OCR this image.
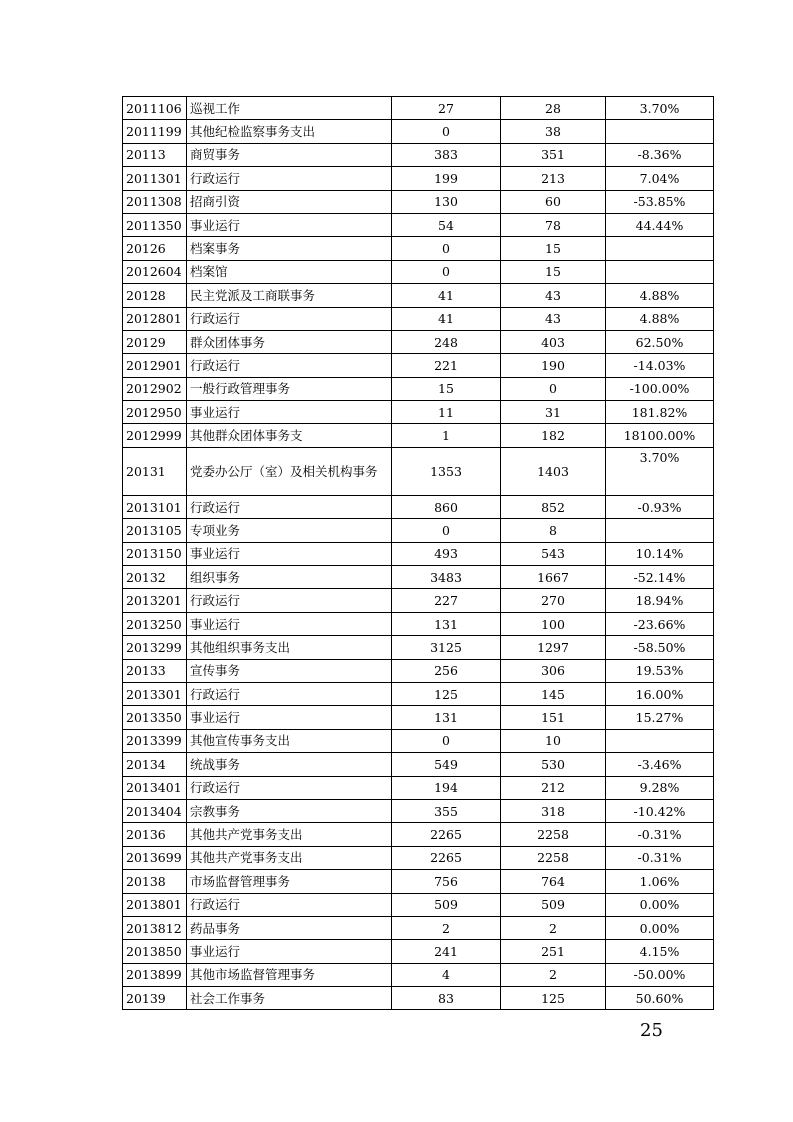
2011106	巡视工作	27	28	3.70%
2011199	其他纪检监察事务支出	0	38	
20113	商贸事务	383	351	-8.36%
2011301	行政运行	199	213	7.04%
2011308	招商引资	130	60	-53.85%
2011350	事业运行	54	78	44.44%
20126	档案事务	0	15	
2012604	档案馆	0	15	
20128	民主党派及工商联事务	41	43	4.88%
2012801	行政运行	41	43	4.88%
20129	群众团体事务	248	403	62.50%
2012901	行政运行	221	190	-14.03%
2012902	一般行政管理事务	15	0	-100.00%
2012950	事业运行	11	31	181.82%
2012999	其他群众团体事务支	1	182	18100.00%
20131	党委办公厅（室）及相关机构事务	1353	1403	3.70%
2013101	行政运行	860	852	-0.93%
2013105	专项业务	0	8	
2013150	事业运行	493	543	10.14%
20132	组织事务	3483	1667	-52.14%
2013201	行政运行	227	270	18.94%
2013250	事业运行	131	100	-23.66%
2013299	其他组织事务支出	3125	1297	-58.50%
20133	宣传事务	256	306	19.53%
2013301	行政运行	125	145	16.00%
2013350	事业运行	131	151	15.27%
2013399	其他宣传事务支出	0	10	
20134	统战事务	549	530	-3.46%
2013401	行政运行	194	212	9.28%
2013404	宗教事务	355	318	-10.42%
20136	其他共产党事务支出	2265	2258	-0.31%
2013699	其他共产党事务支出	2265	2258	-0.31%
20138	市场监督管理事务	756	764	1.06%
2013801	行政运行	509	509	0.00%
2013812	药品事务	2	2	0.00%
2013850	事业运行	241	251	4.15%
2013899	其他市场监督管理事务	4	2	-50.00%
20139	社会工作事务	83	125	50.60%
25
